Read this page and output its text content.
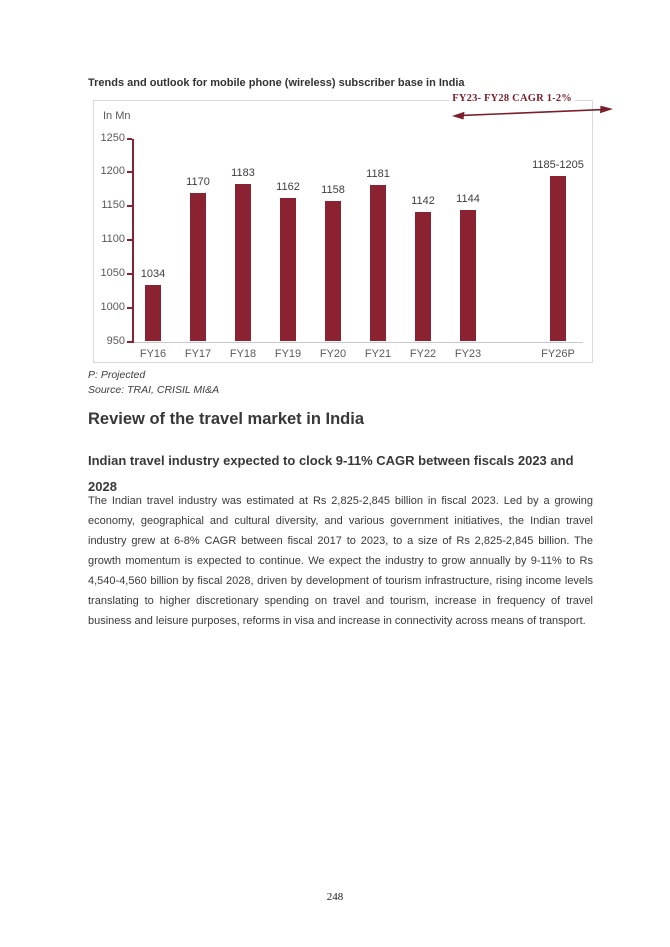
Trends and outlook for mobile phone (wireless) subscriber base in India
In Mn
950
1000
1050
1100
1150
1200
1250
1034
FY16
1170
FY17
1183
FY18
1162
FY19
1158
FY20
1181
FY21
1142
FY22
1144
FY23
1185-1205
FY26P
FY23- FY28 CAGR 1-2%
P: Projected
Source: TRAI, CRISIL MI&A
Review of the travel market in India
Indian travel industry expected to clock 9-11% CAGR between fiscals 2023 and 2028

The Indian travel industry was estimated at Rs 2,825-2,845 billion in fiscal 2023. Led by a growing economy, geographical and cultural diversity, and various government initiatives, the Indian travel industry grew at 6-8% CAGR between fiscal 2017 to 2023, to a size of Rs 2,825-2,845 billion. The growth momentum is expected to continue. We expect the industry to grow annually by 9-11% to Rs 4,540-4,560 billion by fiscal 2028, driven by development of tourism infrastructure, rising income levels translating to higher discretionary spending on travel and tourism, increase in frequency of travel business and leisure purposes, reforms in visa and increase in connectivity across means of transport.

248
